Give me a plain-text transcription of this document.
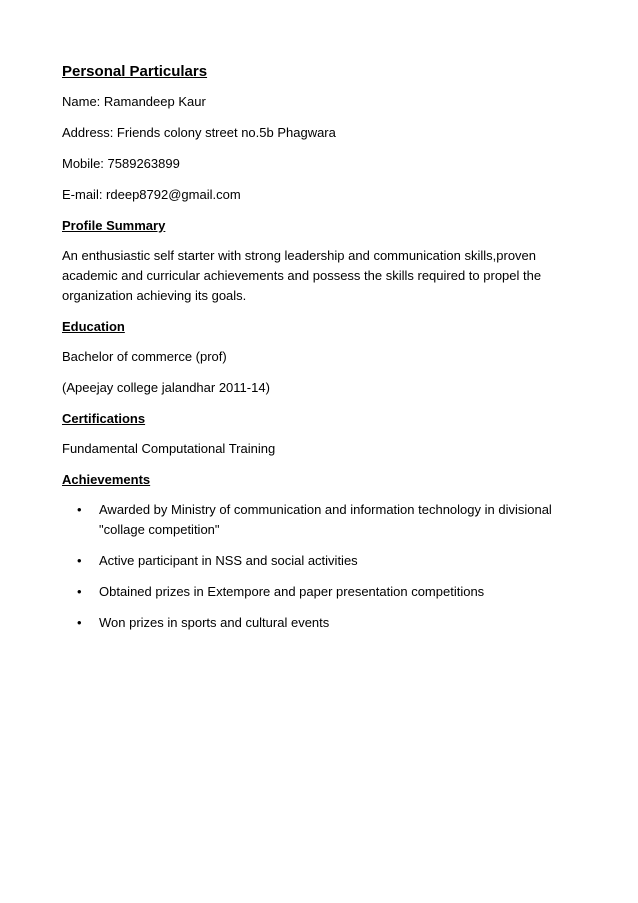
Personal Particulars
Name: Ramandeep Kaur
Address: Friends colony street no.5b Phagwara
Mobile: 7589263899
E-mail: rdeep8792@gmail.com
Profile Summary
An enthusiastic self starter with strong leadership and communication skills,proven academic and curricular achievements and possess the skills required to propel the organization achieving its goals.
Education
Bachelor of commerce (prof)
(Apeejay college jalandhar 2011-14)
Certifications
Fundamental Computational Training
Achievements
• Awarded by Ministry of communication and information technology in divisional "collage competition"
• Active participant in NSS and social activities
• Obtained prizes in Extempore and paper presentation competitions
• Won prizes in sports and cultural events
